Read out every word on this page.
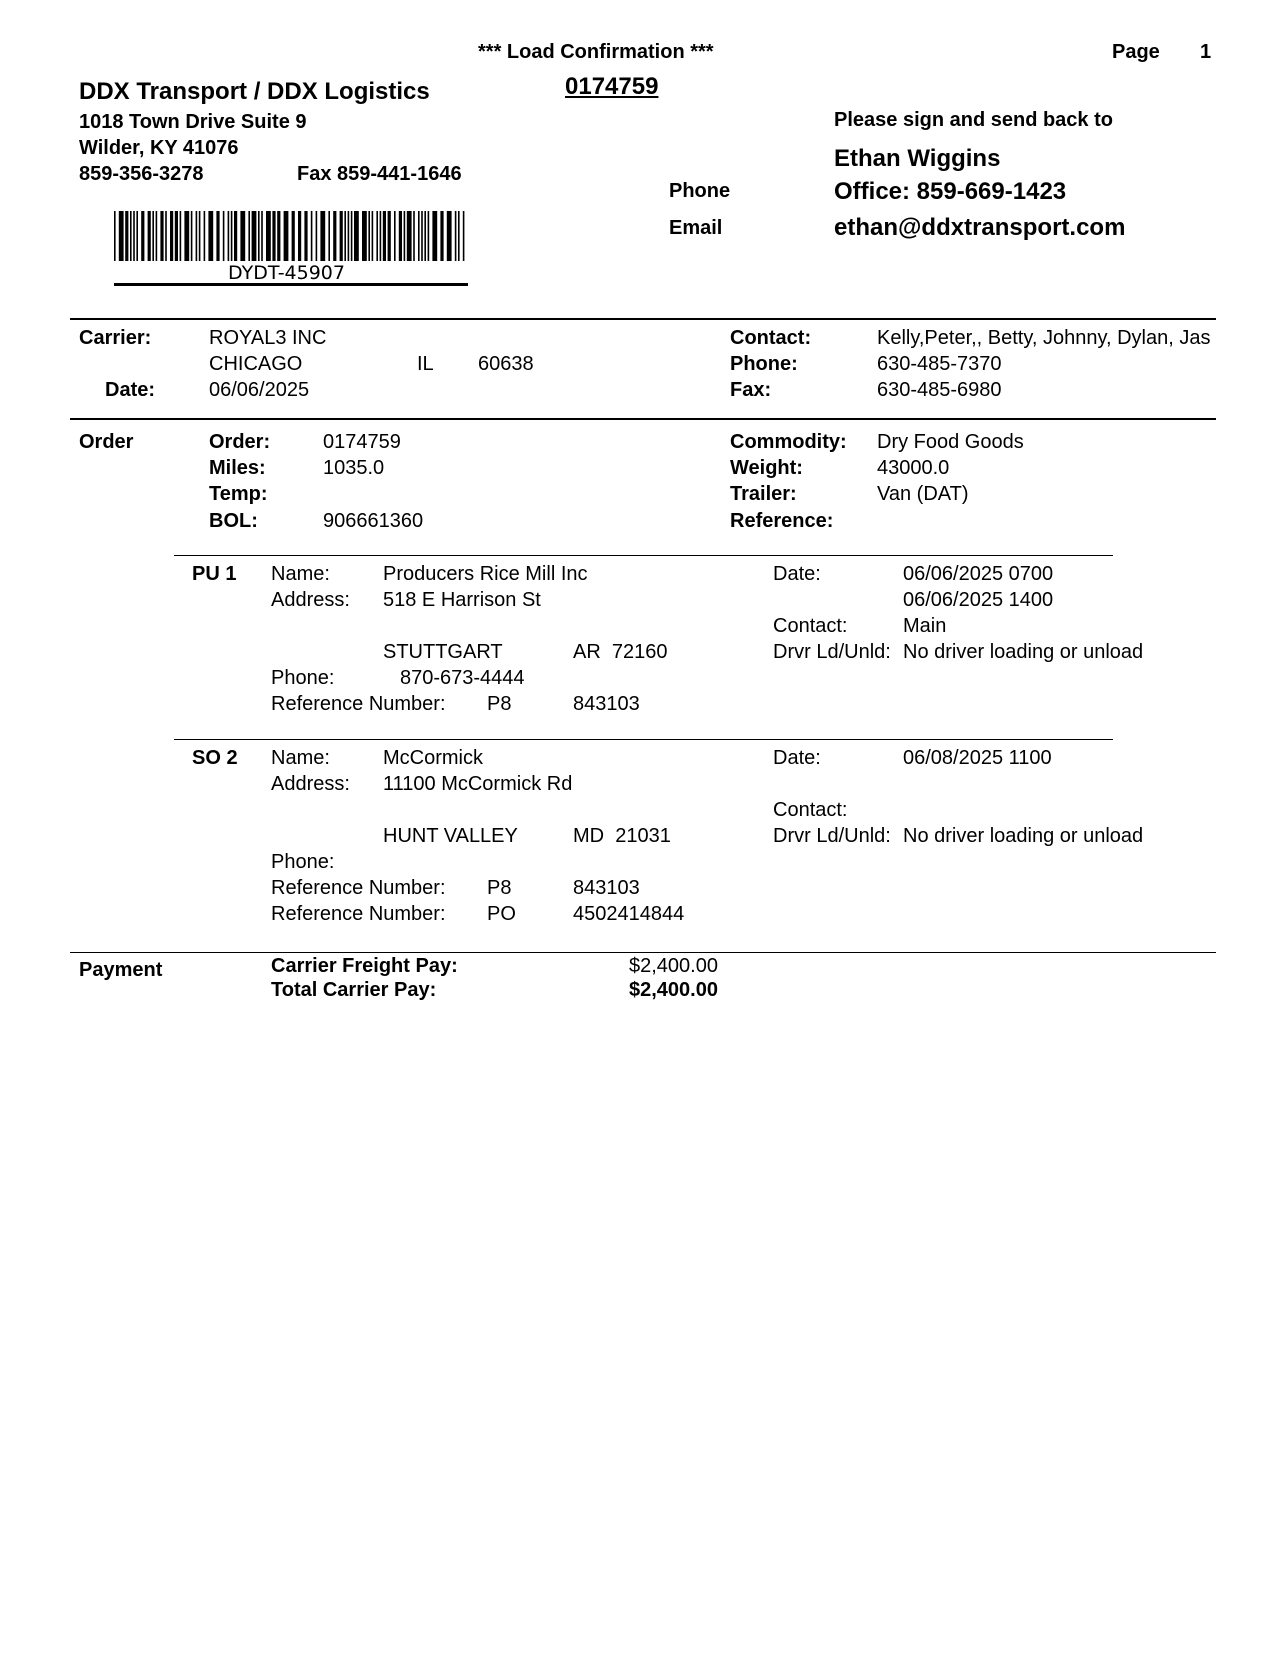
*** Load Confirmation ***	Page 1
0174759
DDX Transport / DDX Logistics
1018 Town Drive Suite 9
Wilder, KY 41076
859-356-3278	Fax 859-441-1646
DYDT-45907
Please sign and send back to
Ethan Wiggins
Phone	Office: 859-669-1423
Email	ethan@ddxtransport.com
Carrier:	ROYAL3 INC
CHICAGO	IL 60638
Date:	06/06/2025
Contact:	Kelly,Peter,, Betty, Johnny, Dylan, Jas
Phone:	630-485-7370
Fax:	630-485-6980
Order	Order:	0174759
Miles:	1035.0
Temp:
BOL:	906661360
Commodity: Dry Food Goods
Weight:	43000.0
Trailer:	Van (DAT)
Reference:
PU 1 Name:	Producers Rice Mill Inc
Address: 518 E Harrison St
STUTTGART	AR  72160
Phone:	870-673-4444
Reference Number: P8	843103
Date:	06/06/2025 0700
06/06/2025 1400
Contact:	Main
Drvr Ld/Unld: No driver loading or unload
SO 2 Name:	McCormick
Address: 11100 McCormick Rd
HUNT VALLEY	MD  21031
Phone:
Reference Number: P8	843103
Reference Number: PO	4502414844
Date:	06/08/2025 1100
Contact:
Drvr Ld/Unld: No driver loading or unload
Payment	Carrier Freight Pay:	$2,400.00
Total Carrier Pay:	$2,400.00
